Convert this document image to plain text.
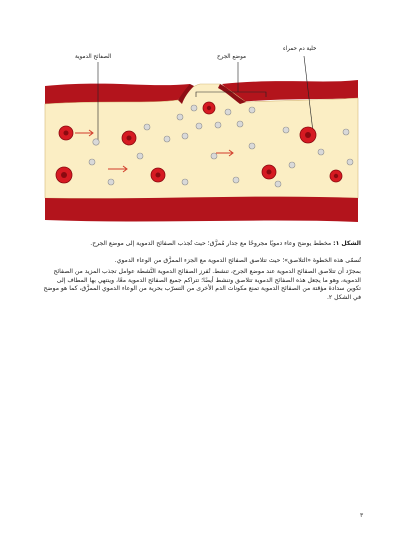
خلية دم حمراء
موضع الجرح
الصفائح الدموية
الشكل ١: مخطط يوضح وعاء دمويًا مجروحًا مع جدار مُمزَّق؛ حيث تُجذب الصفائح الدموية إلى موضع الجرح.
تُسمّى هذه الخطوة «التلاصق»؛ حيث تتلاصق الصفائح الدموية مع الجزء الممزَّق من الوعاء الدموي.
بمجرّد أن تتلاصق الصفائح الدموية عند موضع الجرح، تنشط. تُفرز الصفائح الدموية النَّشطة عوامل تجذب المزيد من الصفائح الدموية، وهو ما يجعل هذه الصفائح الدموية تتلاصق وتنشط أيضًا؛ تتراكم جميع الصفائح الدموية معًا، وينتهي بها المطاف إلى تكوين سدادة مؤقتة من الصفائح الدموية تمنع مكونات الدم الأخرى من التسرّب بحرية من الوعاء الدموي الممزَّق، كما هو موضح في الشكل ٢.
٣
